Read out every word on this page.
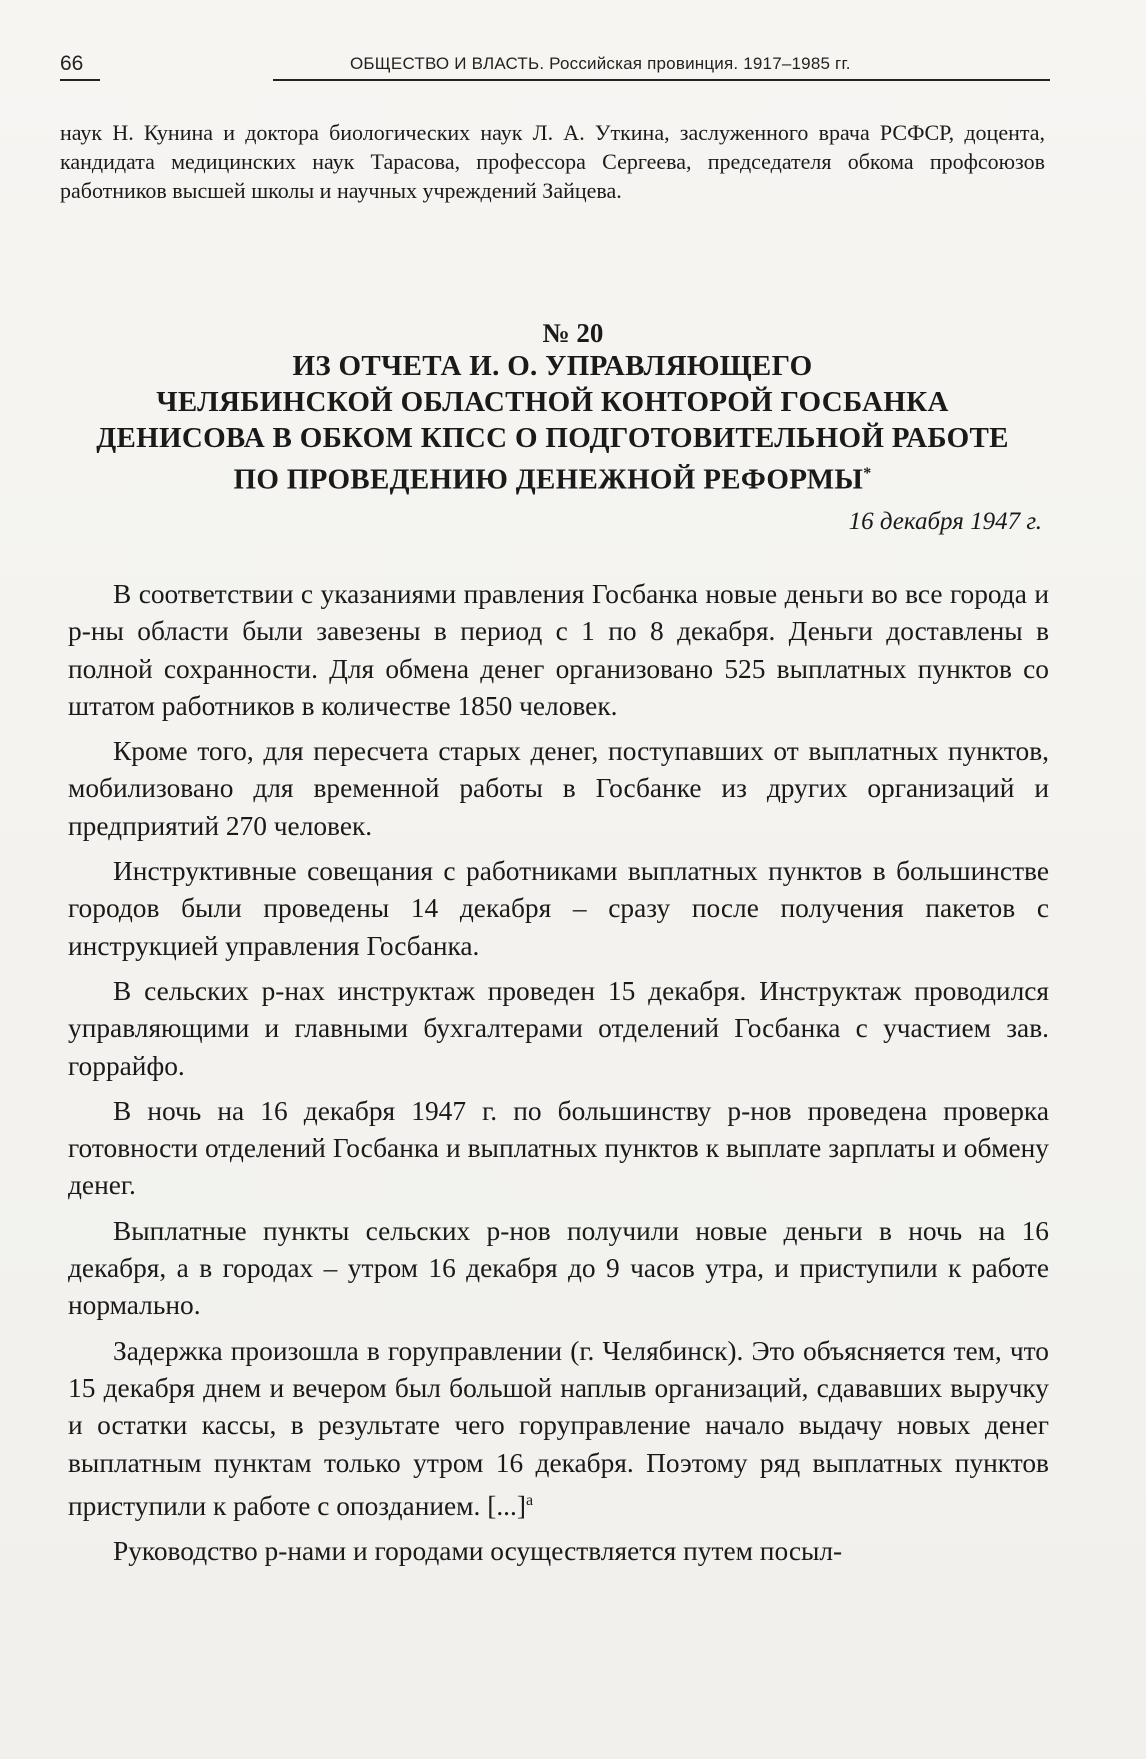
66	ОБЩЕСТВО И ВЛАСТЬ. Российская провинция. 1917–1985 гг.
наук Н. Кунина и доктора биологических наук Л. А. Уткина, заслуженного врача РСФСР, доцента, кандидата медицинских наук Тарасова, профессора Сергеева, председателя обкома профсоюзов работников высшей школы и научных учреждений Зайцева.
№ 20
ИЗ ОТЧЕТА И. О. УПРАВЛЯЮЩЕГО
ЧЕЛЯБИНСКОЙ ОБЛАСТНОЙ КОНТОРОЙ ГОСБАНКА
ДЕНИСОВА В ОБКОМ КПСС О ПОДГОТОВИТЕЛЬНОЙ РАБОТЕ
ПО ПРОВЕДЕНИЮ ДЕНЕЖНОЙ РЕФОРМЫ*
16 декабря 1947 г.

В соответствии с указаниями правления Госбанка новые деньги во все города и р-ны области были завезены в период с 1 по 8 декабря. Деньги доставлены в полной сохранности. Для обмена денег организовано 525 выплатных пунктов со штатом работников в количестве 1850 человек.

Кроме того, для пересчета старых денег, поступавших от выплатных пунктов, мобилизовано для временной работы в Госбанке из других организаций и предприятий 270 человек.

Инструктивные совещания с работниками выплатных пунктов в большинстве городов были проведены 14 декабря – сразу после получения пакетов с инструкцией управления Госбанка.

В сельских р-нах инструктаж проведен 15 декабря. Инструктаж проводился управляющими и главными бухгалтерами отделений Госбанка с участием зав. горрайфо.

В ночь на 16 декабря 1947 г. по большинству р-нов проведена проверка готовности отделений Госбанка и выплатных пунктов к выплате зарплаты и обмену денег.

Выплатные пункты сельских р-нов получили новые деньги в ночь на 16 декабря, а в городах – утром 16 декабря до 9 часов утра, и приступили к работе нормально.

Задержка произошла в горуправлении (г. Челябинск). Это объясняется тем, что 15 декабря днем и вечером был большой наплыв организаций, сдававших выручку и остатки кассы, в результате чего горуправление начало выдачу новых денег выплатным пунктам только утром 16 декабря. Поэтому ряд выплатных пунктов приступили к работе с опозданием. [...]$^а$

Руководство р-нами и городами осуществляется путем посыл-
